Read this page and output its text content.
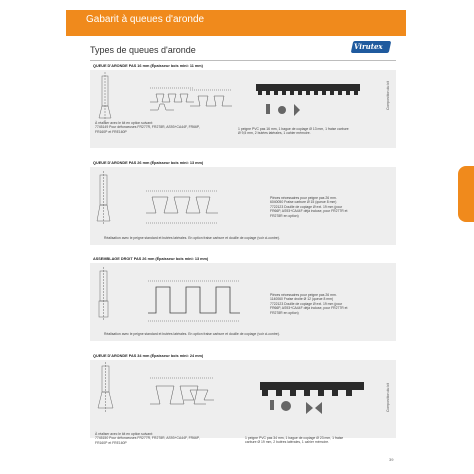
Gabarit à queues d'aronde
Types de queues d'aronde	Virutex
QUEUE D'ARONDE PAS 16 mm (Épaisseur bois mini: 11 mm)
À réaliser avec le kit en option suivant:
7745149 Pour défonceuses FR277R, FR278R, AS93+CA44F, FR66P,
FR160P et FRE160P
1 peigne PVC pas 16 mm, 1 bague de copiage Ø 13 mm, 1 fraise carbure
Ø 9,5 mm, 2 butées latérales, 1 cahier mémoire.
Composition du kit
QUEUE D'ARONDE PAS 26 mm (Épaisseur bois mini: 13 mm)
Pièces nécessaires pour peigne pas 26 mm.
6040050 Fraise carbure Ø 15 (queue 8 mm)
7722123 Douille de copiage Ø ext. 19 mm (pour
FR66P, AS93+CA44F déjà incluse, pour FR277R et
FR278R en option)
Réalisation avec le peigne standard et butées latérales. En option fraise carbure et douille de copiage (voir ci-contre).
ASSEMBLAGE DROIT PAS 26 mm (Épaisseur bois mini: 13 mm)
Pièces nécessaires pour peigne pas 26 mm.
1140060 Fraise droite Ø 12 (queue 8 mm)
7722123 Douille de copiage Ø ext. 19 mm (pour
FR66P, AS93+CA44F déjà incluse, pour FR277R et
FR278R en option)
Réalisation avec le peigne standard et butées latérales. En option fraise carbure et douille de copiage (voir ci-contre).
QUEUE D'ARONDE PAS 34 mm (Épaisseur bois mini: 24 mm)
À réaliser avec le kit en option suivant:
7745150 Pour défonceuses FR277R, FR278R, AS93+CA44F, FR66P,
FR160P et FRE160P
1 peigne PVC pas 34 mm, 1 bague de copiage Ø 23 mm, 1 fraise
carbure Ø 19 mm, 2 butées latérales, 1 cahier mémoire.
Composition du kit
39
